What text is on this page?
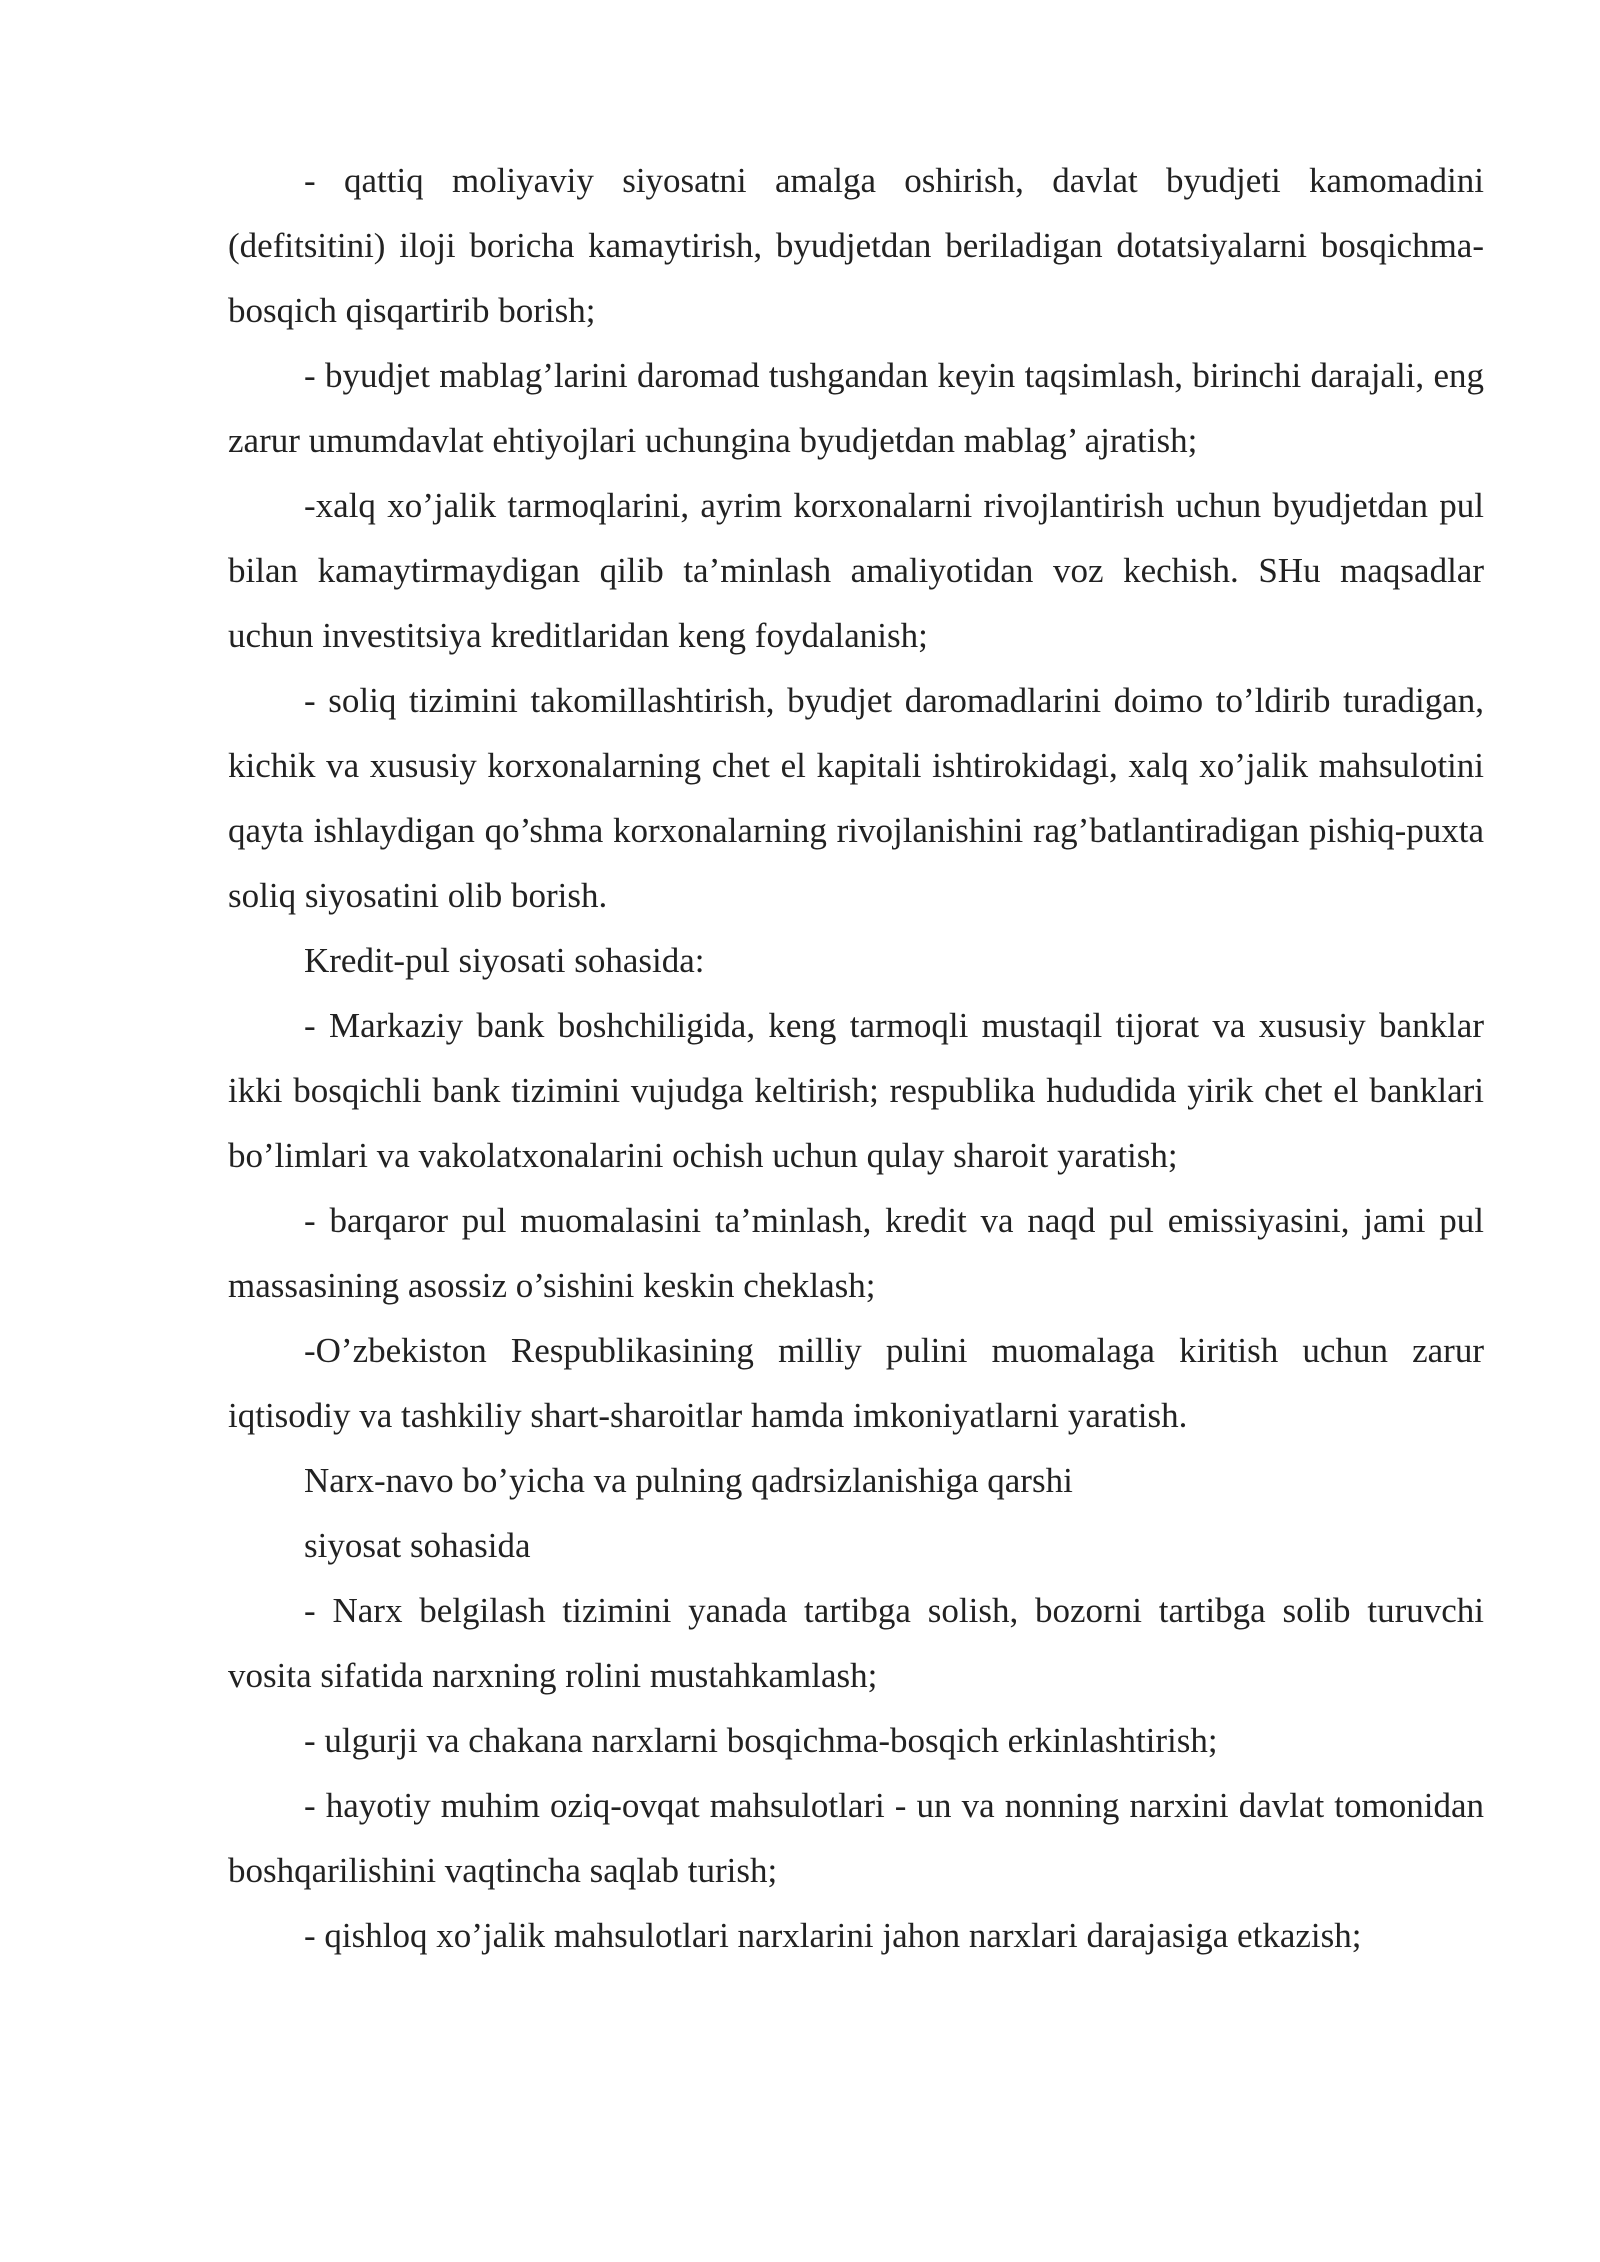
- qattiq moliyaviy siyosatni amalga oshirish, davlat byudjeti kamomadini (defitsitini) iloji boricha kamaytirish, byudjetdan beriladigan dotatsiyalarni bosqichma-bosqich qisqartirib borish;

- byudjet mablag’larini daromad tushgandan keyin taqsimlash, birinchi darajali, eng zarur umumdavlat ehtiyojlari uchungina byudjetdan mablag’ ajratish;

-xalq xo’jalik tarmoqlarini, ayrim korxonalarni rivojlantirish uchun byudjetdan pul bilan kamaytirmaydigan qilib ta’minlash amaliyotidan voz kechish. SHu maqsadlar uchun investitsiya kreditlaridan keng foydalanish;

- soliq tizimini takomillashtirish, byudjet daromadlarini doimo to’ldirib turadigan, kichik va xususiy korxonalarning chet el kapitali ishtirokidagi, xalq xo’jalik mahsulotini qayta ishlaydigan qo’shma korxonalarning rivojlanishini rag’batlantiradigan pishiq-puxta soliq siyosatini olib borish.

Kredit-pul siyosati sohasida:

- Markaziy bank boshchiligida, keng tarmoqli mustaqil tijorat va xususiy banklar ikki bosqichli bank tizimini vujudga keltirish; respublika hududida yirik chet el banklari bo’limlari va vakolatxonalarini ochish uchun qulay sharoit yaratish;

- barqaror pul muomalasini ta’minlash, kredit va naqd pul emissiyasini, jami pul massasining asossiz o’sishini keskin cheklash;

-O’zbekiston Respublikasining milliy pulini muomalaga kiritish uchun zarur iqtisodiy va tashkiliy shart-sharoitlar hamda imkoniyatlarni yaratish.

Narx-navo bo’yicha va pulning qadrsizlanishiga qarshi

siyosat sohasida

- Narx belgilash tizimini yanada tartibga solish, bozorni tartibga solib turuvchi vosita sifatida narxning rolini mustahkamlash;

- ulgurji va chakana narxlarni bosqichma-bosqich erkinlashtirish;

- hayotiy muhim oziq-ovqat mahsulotlari - un va nonning narxini davlat tomonidan boshqarilishini vaqtincha saqlab turish;

- qishloq xo’jalik mahsulotlari narxlarini jahon narxlari darajasiga etkazish;
